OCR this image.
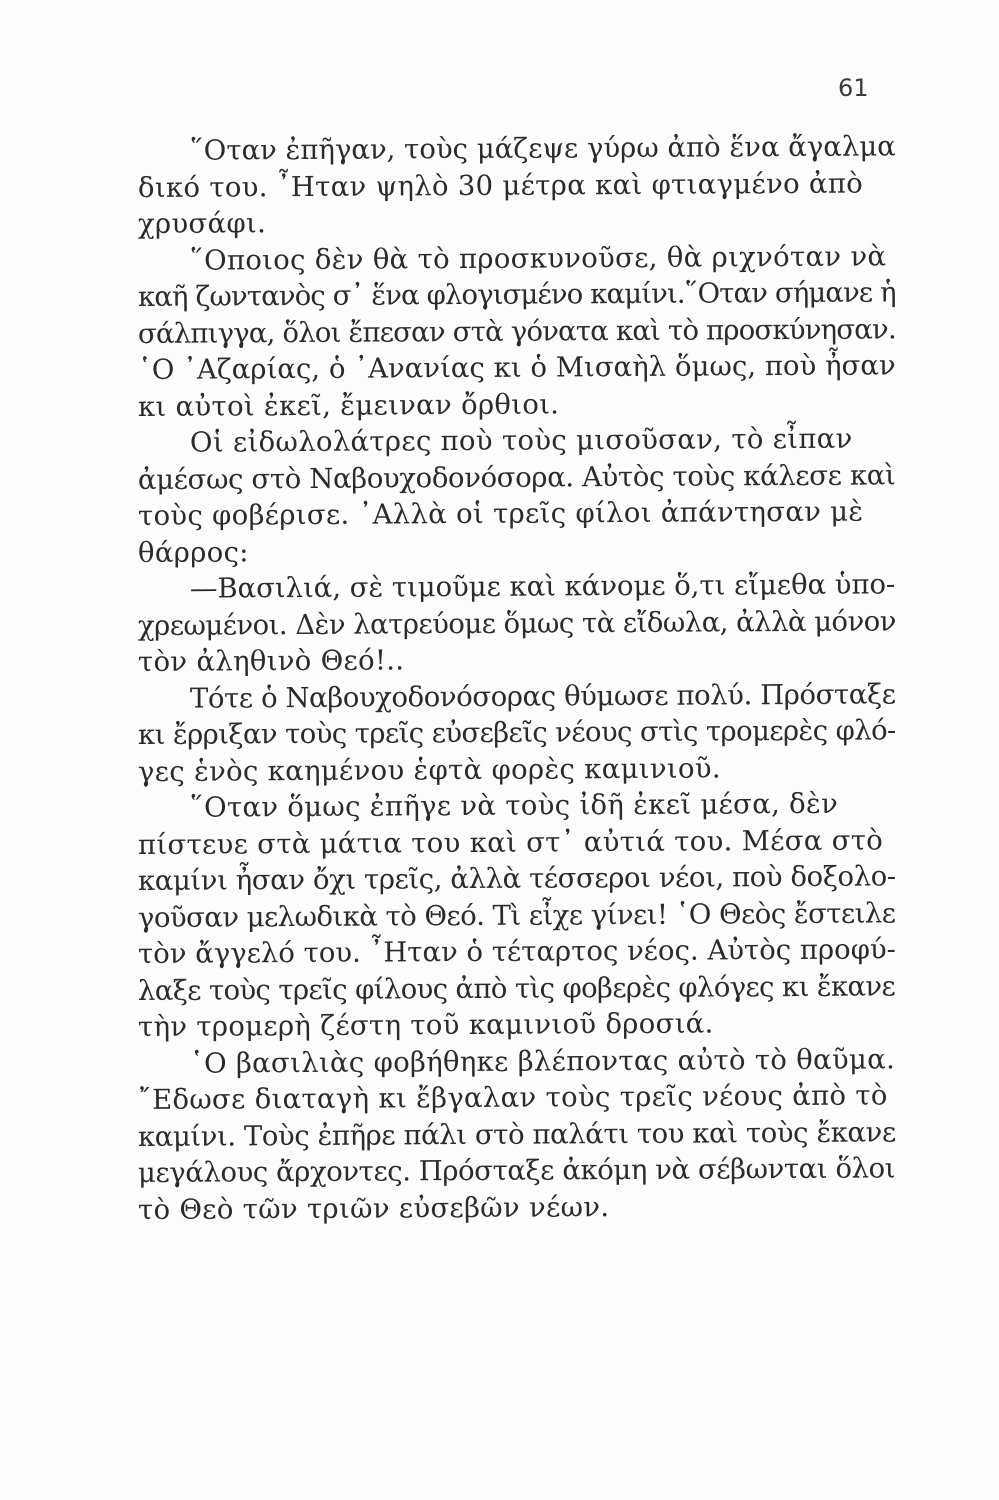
61
῞Οταν ἐπῆγαν, τοὺς μάζεψε γύρω ἀπὸ ἕνα ἄγαλμα
δικό του. ῏Ηταν ψηλὸ 30 μέτρα καὶ φτιαγμένο ἀπὸ
χρυσάφι.
῞Οποιος δὲν θὰ τὸ προσκυνοῦσε, θὰ ριχνόταν νὰ
καῆ ζωντανὸς σ᾽ ἕνα φλογισμένο καμίνι.῞Οταν σήμανε ἡ
σάλπιγγα, ὅλοι ἔπεσαν στὰ γόνατα καὶ τὸ προσκύνησαν.
῾Ο ᾿Αζαρίας, ὁ ᾿Ανανίας κι ὁ Μισαὴλ ὅμως, ποὺ ἦσαν
κι αὐτοὶ ἐκεῖ, ἔμειναν ὄρθιοι.
Οἱ εἰδωλολάτρες ποὺ τοὺς μισοῦσαν, τὸ εἶπαν
ἀμέσως στὸ Ναβουχοδονόσορα. Αὐτὸς τοὺς κάλεσε καὶ
τοὺς φοβέρισε. ᾿Αλλὰ οἱ τρεῖς φίλοι ἀπάντησαν μὲ
θάρρος:
—Βασιλιά, σὲ τιμοῦμε καὶ κάνομε ὅ,τι εἴμεθα ὑπο-
χρεωμένοι. Δὲν λατρεύομε ὅμως τὰ εἴδωλα, ἀλλὰ μόνον
τὸν ἀληθινὸ Θεό!..
Τότε ὁ Ναβουχοδονόσορας θύμωσε πολύ. Πρόσταξε
κι ἔρριξαν τοὺς τρεῖς εὐσεβεῖς νέους στὶς τρομερὲς φλό-
γες ἑνὸς καημένου ἑφτὰ φορὲς καμινιοῦ.
῞Οταν ὅμως ἐπῆγε νὰ τοὺς ἰδῆ ἐκεῖ μέσα, δὲν
πίστευε στὰ μάτια του καὶ στ᾽ αὐτιά του. Μέσα στὸ
καμίνι ἦσαν ὄχι τρεῖς, ἀλλὰ τέσσεροι νέοι, ποὺ δοξολο-
γοῦσαν μελωδικὰ τὸ Θεό. Τὶ εἶχε γίνει! ῾Ο Θεὸς ἔστειλε
τὸν ἄγγελό του. ῏Ηταν ὁ τέταρτος νέος. Αὐτὸς προφύ-
λαξε τοὺς τρεῖς φίλους ἀπὸ τὶς φοβερὲς φλόγες κι ἔκανε
τὴν τρομερὴ ζέστη τοῦ καμινιοῦ δροσιά.
῾Ο βασιλιὰς φοβήθηκε βλέποντας αὐτὸ τὸ θαῦμα.
῎Εδωσε διαταγὴ κι ἔβγαλαν τοὺς τρεῖς νέους ἀπὸ τὸ
καμίνι. Τοὺς ἐπῆρε πάλι στὸ παλάτι του καὶ τοὺς ἔκανε
μεγάλους ἄρχοντες. Πρόσταξε ἀκόμη νὰ σέβωνται ὅλοι
τὸ Θεὸ τῶν τριῶν εὐσεβῶν νέων.
